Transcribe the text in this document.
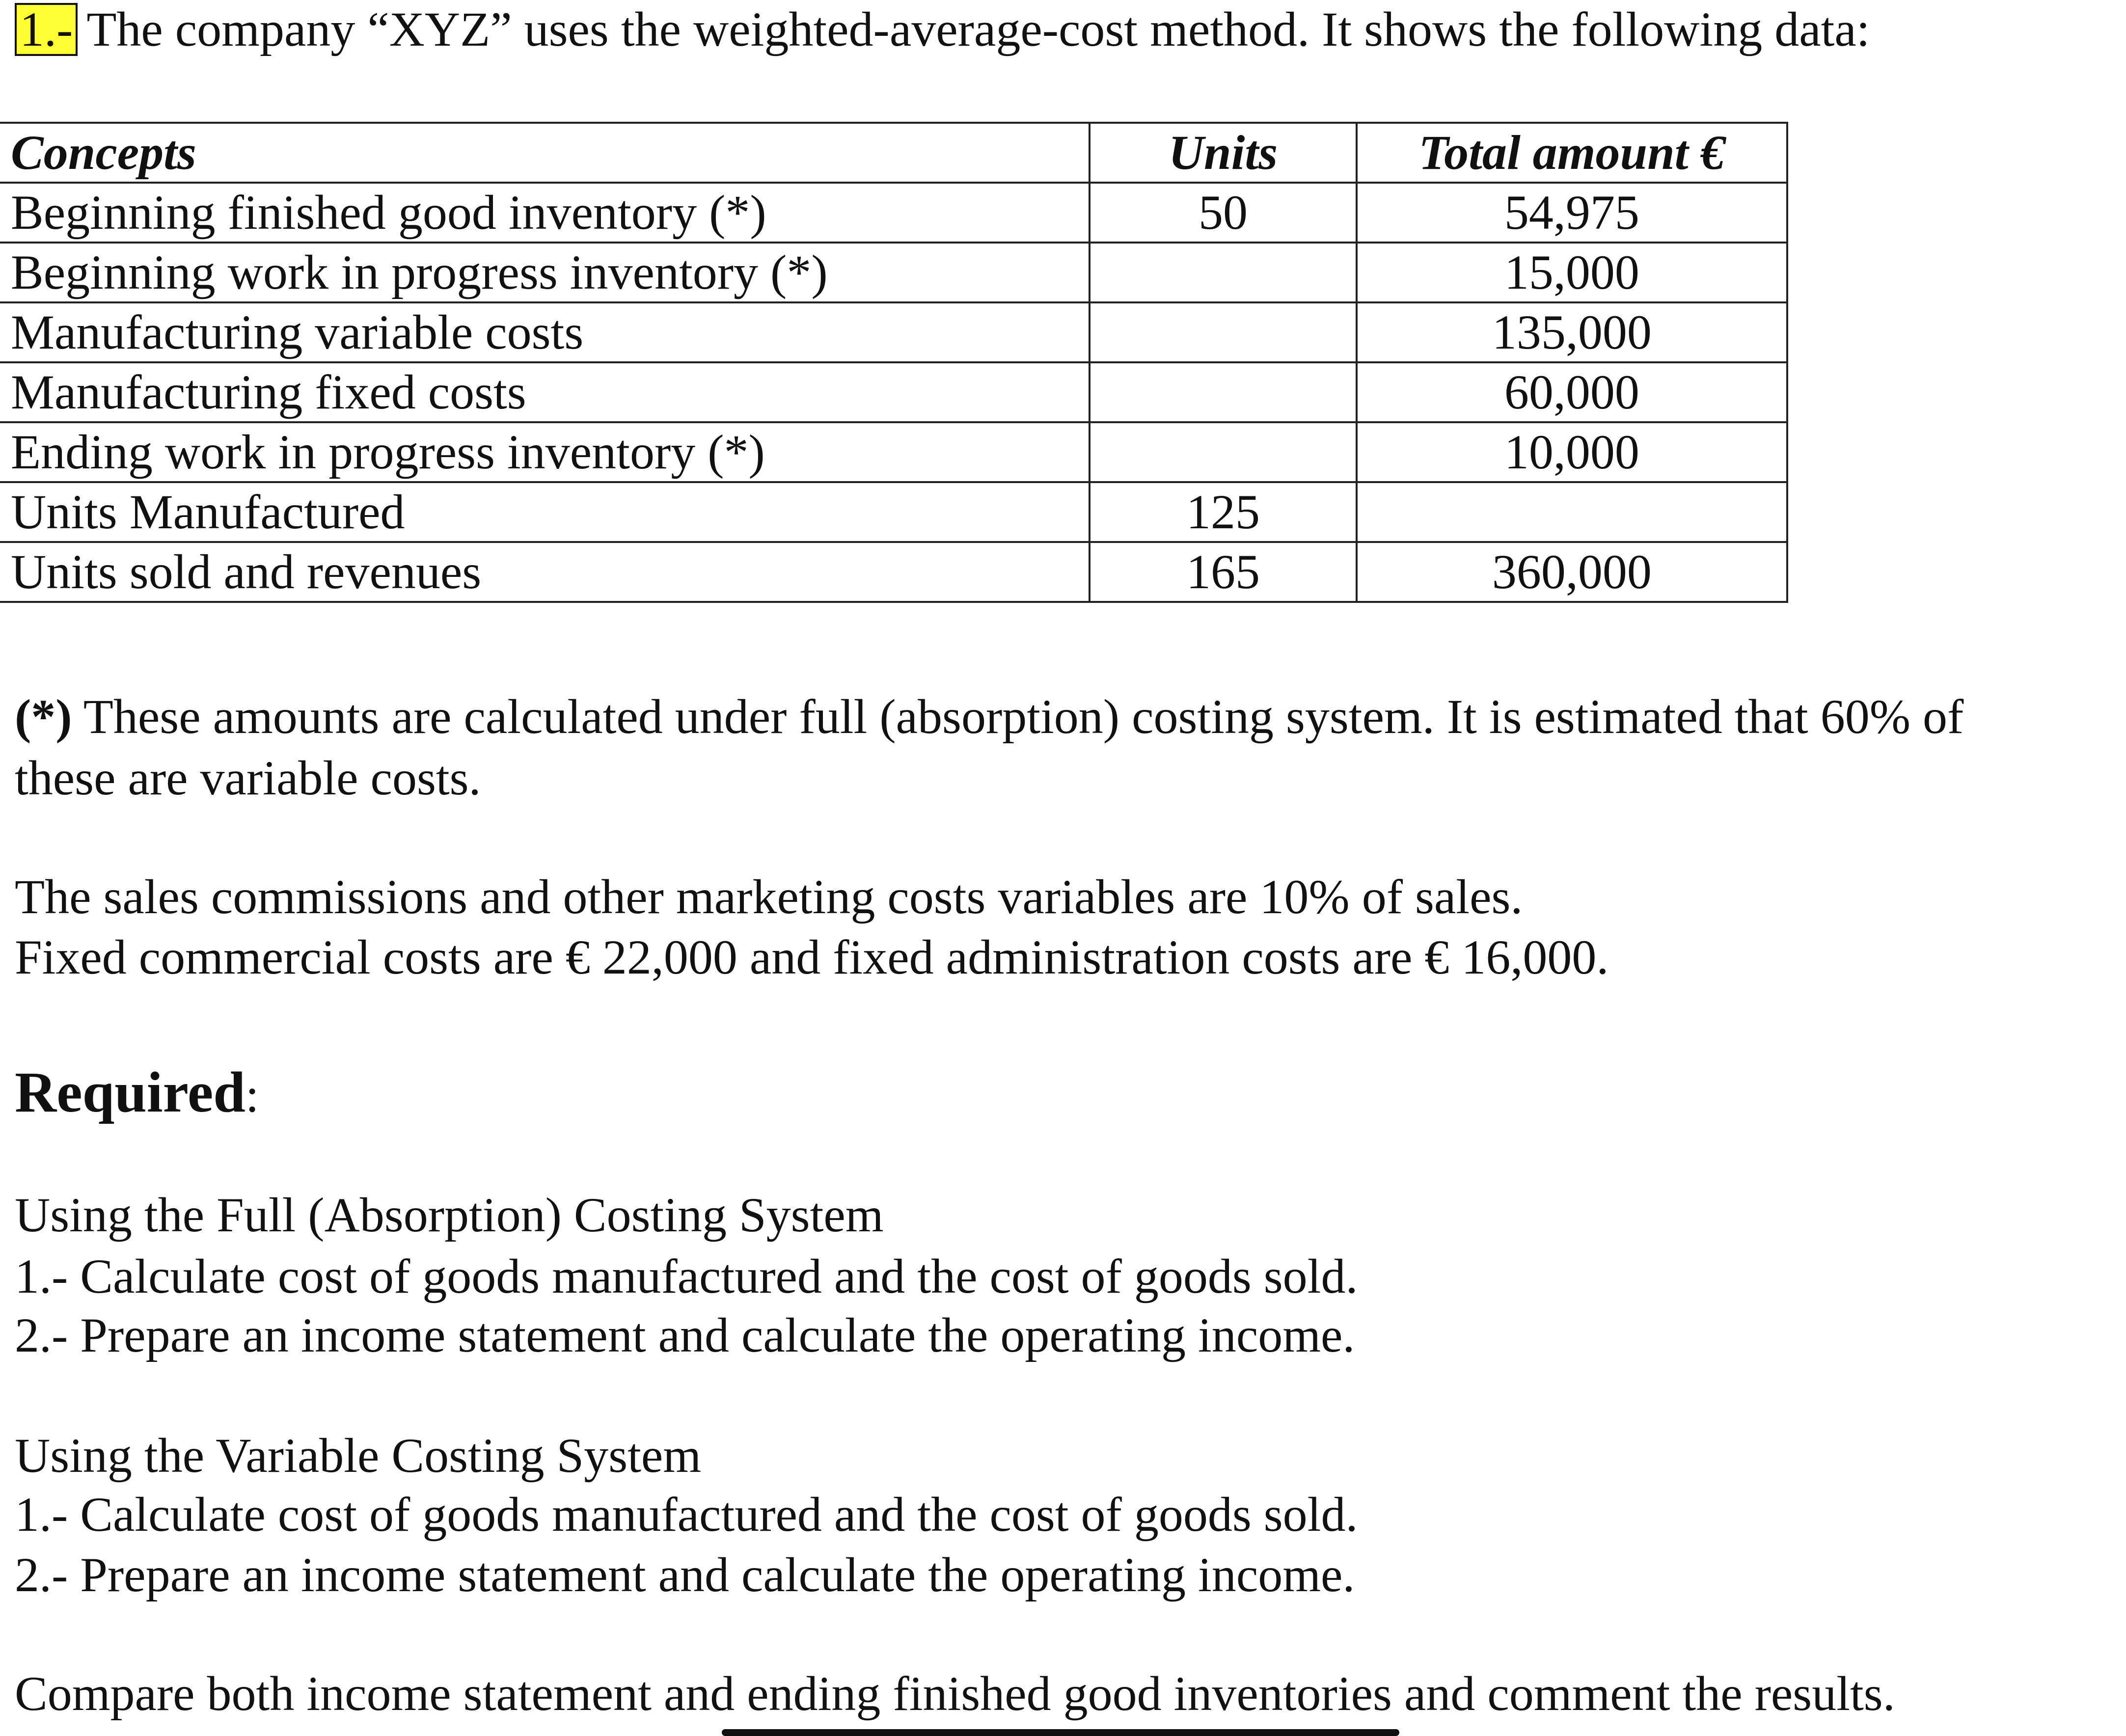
1.- The company “XYZ” uses the weighted-average-cost method. It shows the following data:
Concepts	Units	Total amount €
Beginning finished good inventory (*)	50	54,975
Beginning work in progress inventory (*)		15,000
Manufacturing variable costs		135,000
Manufacturing fixed costs		60,000
Ending work in progress inventory (*)		10,000
Units Manufactured	125	
Units sold and revenues	165	360,000
(*) These amounts are calculated under full (absorption) costing system. It is estimated that 60% of
these are variable costs.
The sales commissions and other marketing costs variables are 10% of sales.
Fixed commercial costs are € 22,000 and fixed administration costs are € 16,000.
Required:
Using the Full (Absorption) Costing System
1.- Calculate cost of goods manufactured and the cost of goods sold.
2.- Prepare an income statement and calculate the operating income.
Using the Variable Costing System
1.- Calculate cost of goods manufactured and the cost of goods sold.
2.- Prepare an income statement and calculate the operating income.
Compare both income statement and ending finished good inventories and comment the results.
